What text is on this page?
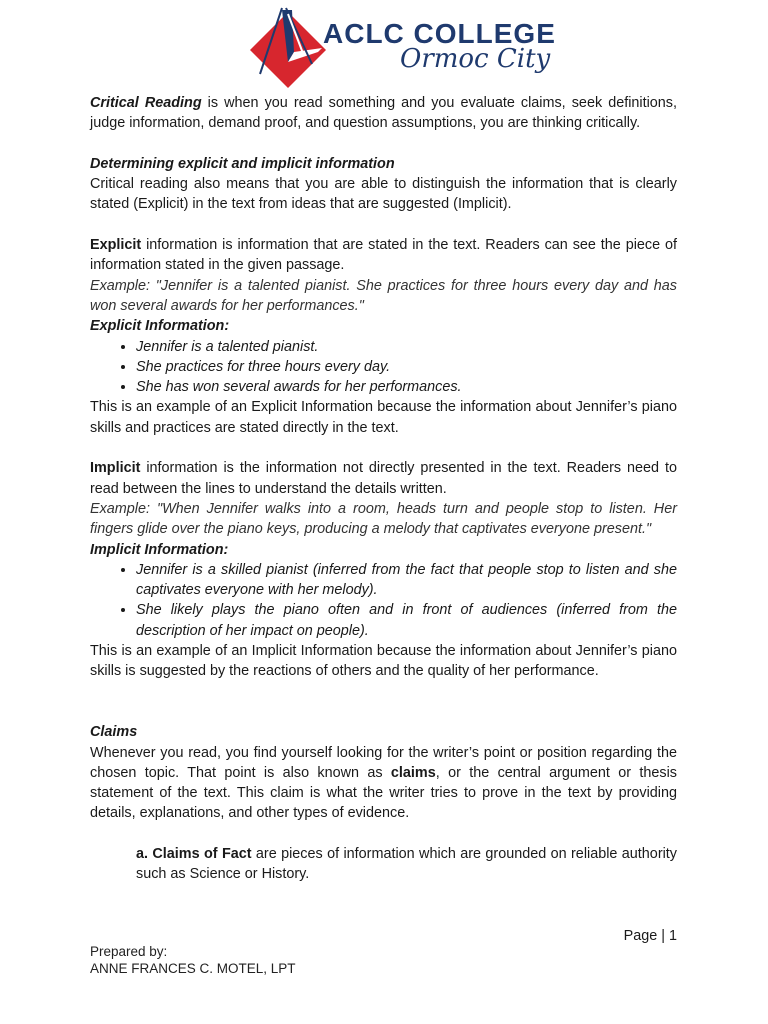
ACLC COLLEGE
Ormoc City

Critical Reading is when you read something and you evaluate claims, seek definitions, judge information, demand proof, and question assumptions, you are thinking critically.

Determining explicit and implicit information

Critical reading also means that you are able to distinguish the information that is clearly stated (Explicit) in the text from ideas that are suggested (Implicit).

Explicit information is information that are stated in the text. Readers can see the piece of information stated in the given passage.

Example: "Jennifer is a talented pianist. She practices for three hours every day and has won several awards for her performances."

Explicit Information:

• Jennifer is a talented pianist.
• She practices for three hours every day.
• She has won several awards for her performances.

This is an example of an Explicit Information because the information about Jennifer’s piano skills and practices are stated directly in the text.

Implicit information is the information not directly presented in the text. Readers need to read between the lines to understand the details written.

Example: "When Jennifer walks into a room, heads turn and people stop to listen. Her fingers glide over the piano keys, producing a melody that captivates everyone present."

Implicit Information:

• Jennifer is a skilled pianist (inferred from the fact that people stop to listen and she captivates everyone with her melody).
• She likely plays the piano often and in front of audiences (inferred from the description of her impact on people).

This is an example of an Implicit Information because the information about Jennifer’s piano skills is suggested by the reactions of others and the quality of her performance.

Claims

Whenever you read, you find yourself looking for the writer’s point or position regarding the chosen topic. That point is also known as claims, or the central argument or thesis statement of the text. This claim is what the writer tries to prove in the text by providing details, explanations, and other types of evidence.

a. Claims of Fact are pieces of information which are grounded on reliable authority such as Science or History.

Page | 1
Prepared by:
ANNE FRANCES C. MOTEL, LPT
